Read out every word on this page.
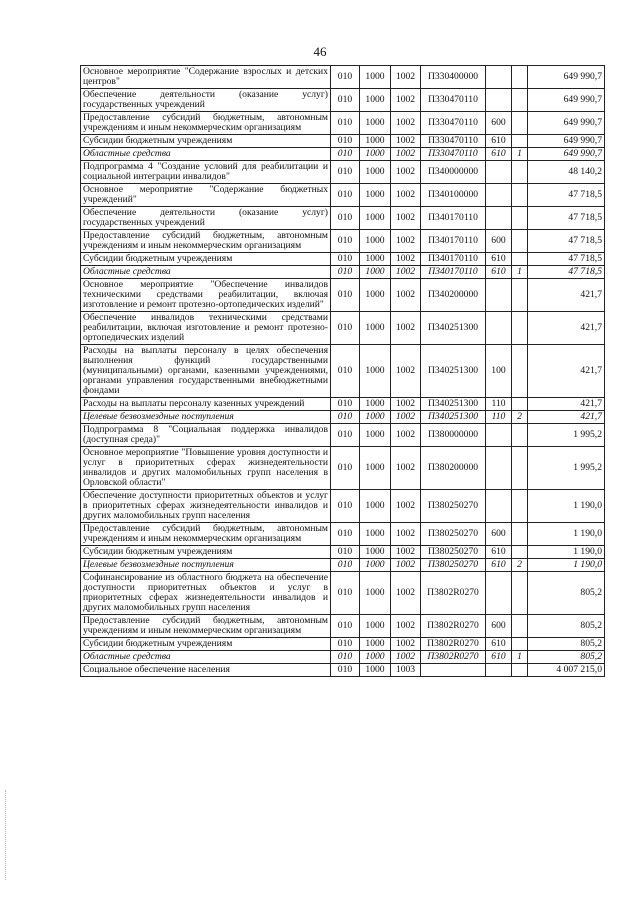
46
Основное мероприятие "Содержание взрослых и детских центров"	010	1000	1002	П330400000			649 990,7
Обеспечение деятельности (оказание услуг) государственных учреждений	010	1000	1002	П330470110			649 990,7
Предоставление субсидий бюджетным, автономным учреждениям и иным некоммерческим организациям	010	1000	1002	П330470110	600		649 990,7
Субсидии бюджетным учреждениям	010	1000	1002	П330470110	610		649 990,7
Областные средства	010	1000	1002	П330470110	610	1	649 990,7
Подпрограмма 4 "Создание условий для реабилитации и социальной интеграции инвалидов"	010	1000	1002	П340000000			48 140,2
Основное мероприятие "Содержание бюджетных учреждений"	010	1000	1002	П340100000			47 718,5
Обеспечение деятельности (оказание услуг) государственных учреждений	010	1000	1002	П340170110			47 718,5
Предоставление субсидий бюджетным, автономным учреждениям и иным некоммерческим организациям	010	1000	1002	П340170110	600		47 718,5
Субсидии бюджетным учреждениям	010	1000	1002	П340170110	610		47 718,5
Областные средства	010	1000	1002	П340170110	610	1	47 718,5
Основное мероприятие "Обеспечение инвалидов техническими средствами реабилитации, включая изготовление и ремонт протезно-ортопедических изделий"	010	1000	1002	П340200000			421,7
Обеспечение инвалидов техническими средствами реабилитации, включая изготовление и ремонт протезно-ортопедических изделий	010	1000	1002	П340251300			421,7
Расходы на выплаты персоналу в целях обеспечения выполнения функций государственными (муниципальными) органами, казенными учреждениями, органами управления государственными внебюджетными фондами	010	1000	1002	П340251300	100		421,7
Расходы на выплаты персоналу казенных учреждений	010	1000	1002	П340251300	110		421,7
Целевые безвозмездные поступления	010	1000	1002	П340251300	110	2	421,7
Подпрограмма 8 "Социальная поддержка инвалидов (доступная среда)"	010	1000	1002	П380000000			1 995,2
Основное мероприятие "Повышение уровня доступности и услуг в приоритетных сферах жизнедеятельности инвалидов и других маломобильных групп населения в Орловской области"	010	1000	1002	П380200000			1 995,2
Обеспечение доступности приоритетных объектов и услуг в приоритетных сферах жизнедеятельности инвалидов и других маломобильных групп населения	010	1000	1002	П380250270			1 190,0
Предоставление субсидий бюджетным, автономным учреждениям и иным некоммерческим организациям	010	1000	1002	П380250270	600		1 190,0
Субсидии бюджетным учреждениям	010	1000	1002	П380250270	610		1 190,0
Целевые безвозмездные поступления	010	1000	1002	П380250270	610	2	1 190,0
Софинансирование из областного бюджета на обеспечение доступности приоритетных объектов и услуг в приоритетных сферах жизнедеятельности инвалидов и других маломобильных групп населения	010	1000	1002	П3802R0270			805,2
Предоставление субсидий бюджетным, автономным учреждениям и иным некоммерческим организациям	010	1000	1002	П3802R0270	600		805,2
Субсидии бюджетным учреждениям	010	1000	1002	П3802R0270	610		805,2
Областные средства	010	1000	1002	П3802R0270	610	1	805,2
Социальное обеспечение населения	010	1000	1003				4 007 215,0
